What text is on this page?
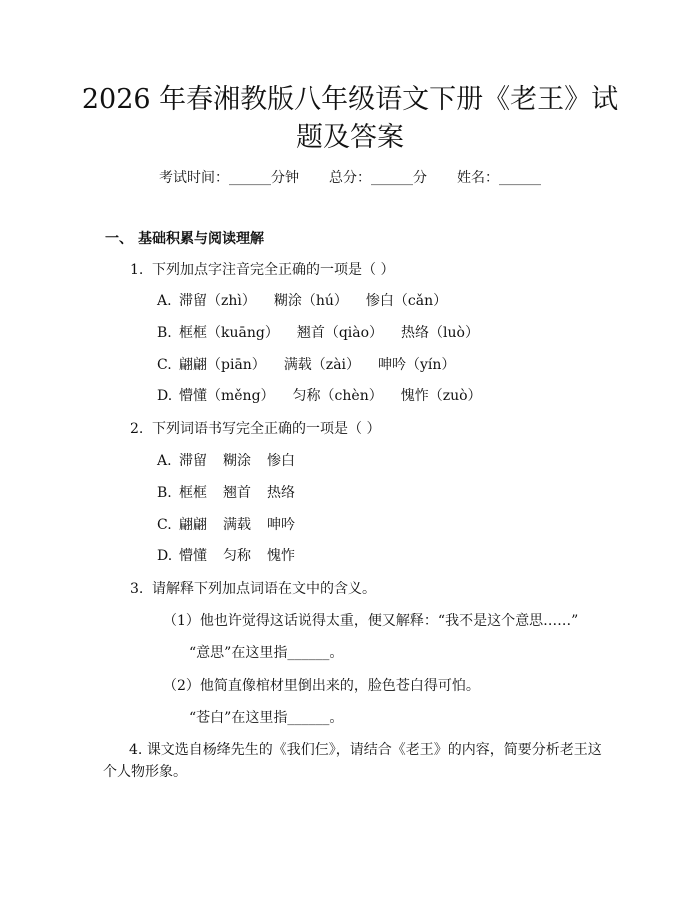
2026 年春湘教版八年级语文下册《老王》试
题及答案
考试时间：______分钟 总分：______分 姓名：______
一、 基础积累与阅读理解
1. 下列加点字注音完全正确的一项是（ ）
A. 滞留（zhì） 糊涂（hú） 惨白（cǎn）
B. 框框（kuāng） 翘首（qiào） 热络（luò）
C. 翩翩（piān） 满载（zài） 呻吟（yín）
D. 懵懂（měng） 匀称（chèn） 愧怍（zuò）
2. 下列词语书写完全正确的一项是（ ）
A. 滞留 糊涂 惨白
B. 框框 翘首 热络
C. 翩翩 满载 呻吟
D. 懵懂 匀称 愧怍
3. 请解释下列加点词语在文中的含义。
（1）他也许觉得这话说得太重，便又解释：“我不是这个意思……”
“意思”在这里指______。
（2）他简直像棺材里倒出来的，脸色苍白得可怕。
“苍白”在这里指______。
4. 课文选自杨绛先生的《我们仨》，请结合《老王》的内容，简要分析老王这个人物形象。
